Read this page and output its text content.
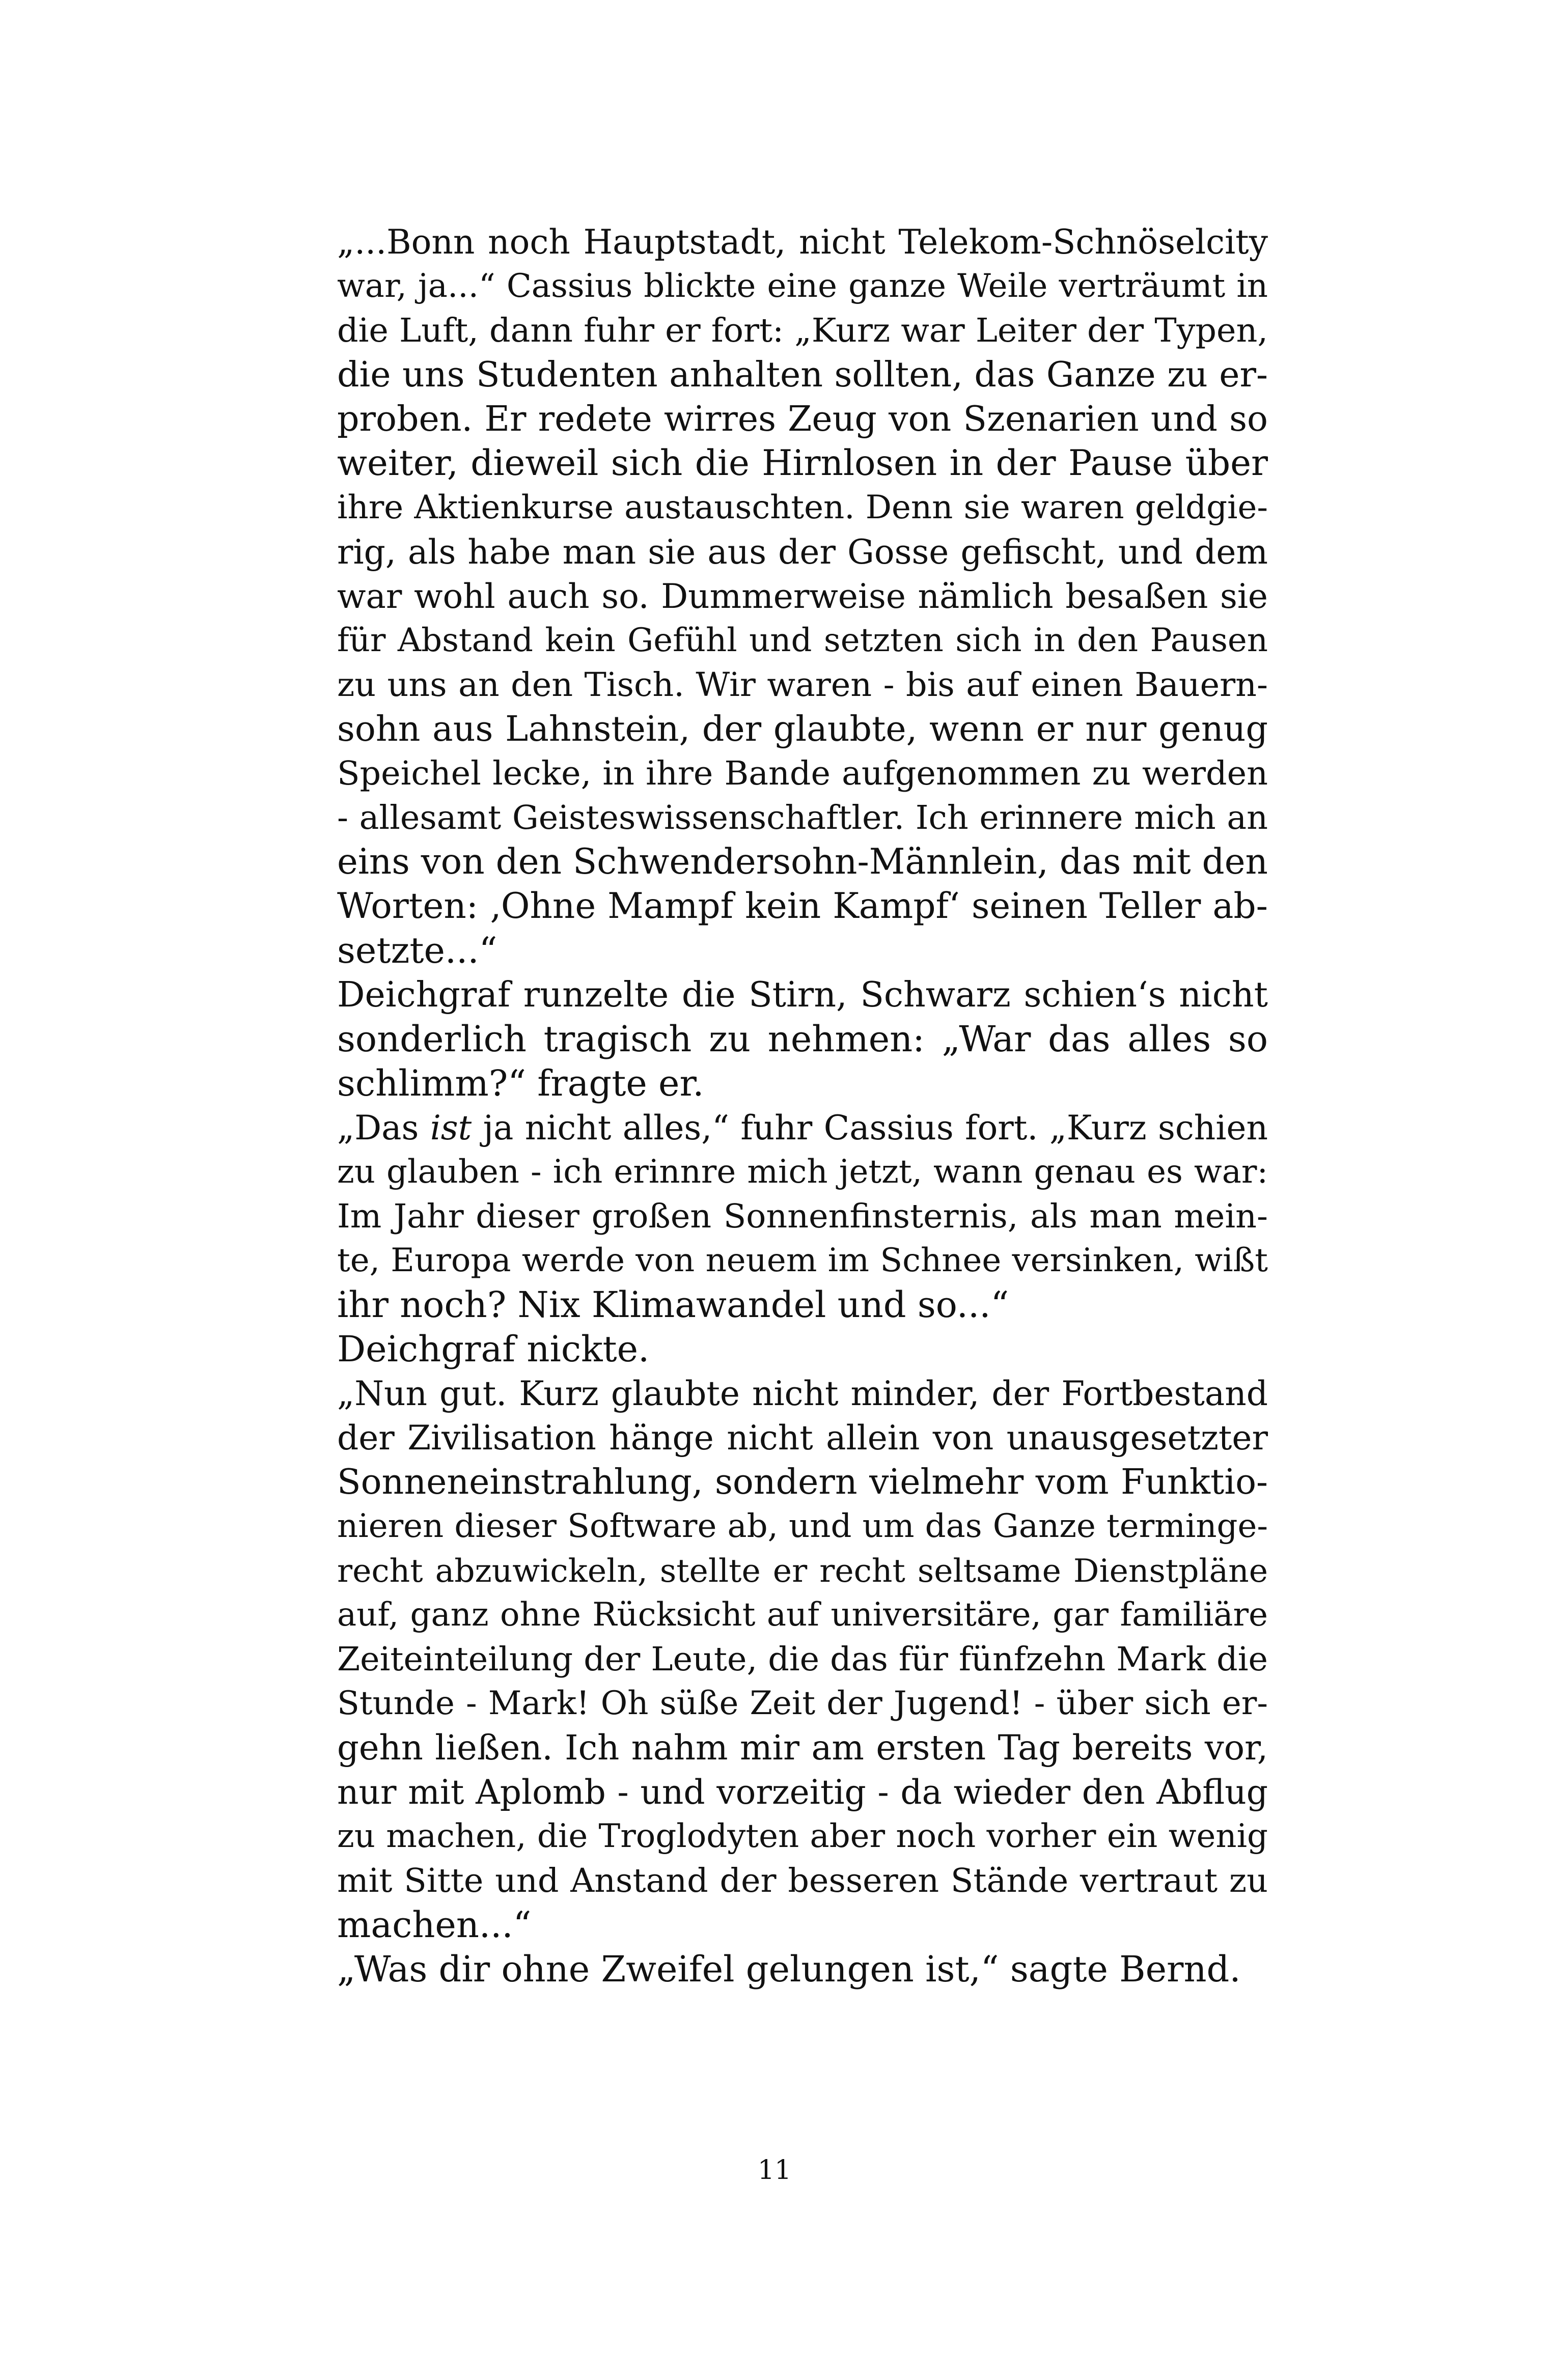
„...Bonn noch Hauptstadt, nicht Telekom-Schnöselcity
war, ja...“ Cassius blickte eine ganze Weile verträumt in
die Luft, dann fuhr er fort: „Kurz war Leiter der Typen,
die uns Studenten anhalten sollten, das Ganze zu er-
proben. Er redete wirres Zeug von Szenarien und so
weiter, dieweil sich die Hirnlosen in der Pause über
ihre Aktienkurse austauschten. Denn sie waren geldgie-
rig, als habe man sie aus der Gosse gefischt, und dem
war wohl auch so. Dummerweise nämlich besaßen sie
für Abstand kein Gefühl und setzten sich in den Pausen
zu uns an den Tisch. Wir waren - bis auf einen Bauern-
sohn aus Lahnstein, der glaubte, wenn er nur genug
Speichel lecke, in ihre Bande aufgenommen zu werden
- allesamt Geisteswissenschaftler. Ich erinnere mich an
eins von den Schwendersohn-Männlein, das mit den
Worten: ‚Ohne Mampf kein Kampf‘ seinen Teller ab-
setzte...“
Deichgraf runzelte die Stirn, Schwarz schien‘s nicht
sonderlich tragisch zu nehmen: „War das alles so
schlimm?“ fragte er.
„Das ist ja nicht alles,“ fuhr Cassius fort. „Kurz schien
zu glauben - ich erinnre mich jetzt, wann genau es war:
Im Jahr dieser großen Sonnenfinsternis, als man mein-
te, Europa werde von neuem im Schnee versinken, wißt
ihr noch? Nix Klimawandel und so...“
Deichgraf nickte.
„Nun gut. Kurz glaubte nicht minder, der Fortbestand
der Zivilisation hänge nicht allein von unausgesetzter
Sonneneinstrahlung, sondern vielmehr vom Funktio-
nieren dieser Software ab, und um das Ganze terminge-
recht abzuwickeln, stellte er recht seltsame Dienstpläne
auf, ganz ohne Rücksicht auf universitäre, gar familiäre
Zeiteinteilung der Leute, die das für fünfzehn Mark die
Stunde - Mark! Oh süße Zeit der Jugend! - über sich er-
gehn ließen. Ich nahm mir am ersten Tag bereits vor,
nur mit Aplomb - und vorzeitig - da wieder den Abflug
zu machen, die Troglodyten aber noch vorher ein wenig
mit Sitte und Anstand der besseren Stände vertraut zu
machen...“
„Was dir ohne Zweifel gelungen ist,“ sagte Bernd.
11
